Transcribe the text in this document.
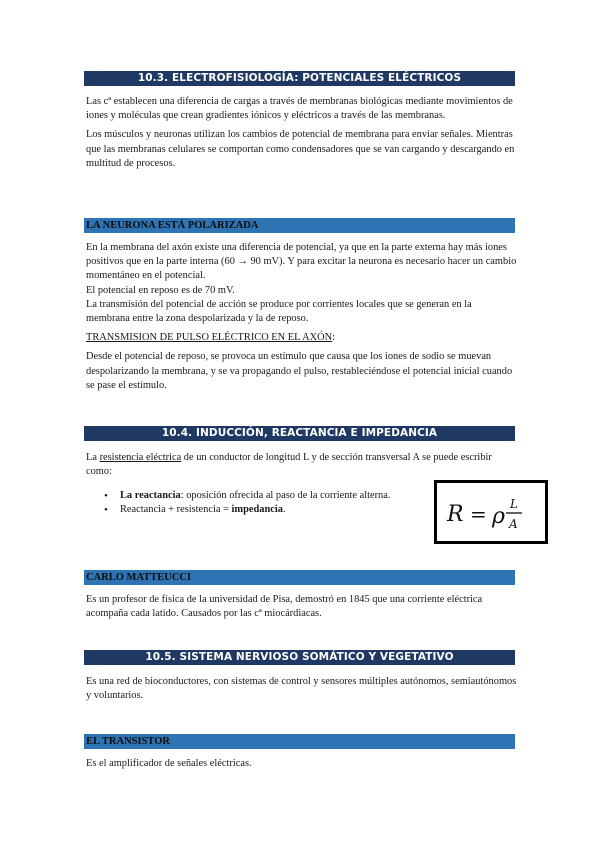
10.3. ELECTROFISIOLOGÍA: POTENCIALES ELÉCTRICOS

Las cª establecen una diferencia de cargas a través de membranas biológicas mediante movimientos de iones y moléculas que crean gradientes iónicos y eléctricos a través de las membranas.

Los músculos y neuronas utilizan los cambios de potencial de membrana para enviar señales. Mientras que las membranas celulares se comportan como condensadores que se van cargando y descargando en multitud de procesos.

LA NEURONA ESTÁ POLARIZADA

En la membrana del axón existe una diferencia de potencial, ya que en la parte externa hay más iones positivos que en la parte interna (60 → 90 mV). Y para excitar la neurona es necesario hacer un cambio momentáneo en el potencial.

El potencial en reposo es de 70 mV.

La transmisión del potencial de acción se produce por corrientes locales que se generan en la membrana entre la zona despolarizada y la de reposo.

TRANSMISION DE PULSO ELÉCTRICO EN EL AXÓN:

Desde el potencial de reposo, se provoca un estímulo que causa que los iones de sodio se muevan despolarizando la membrana, y se va propagando el pulso, restableciéndose el potencial inicial cuando se pase el estímulo.

10.4. INDUCCIÓN, REACTANCIA E IMPEDANCIA

La resistencia eléctrica de un conductor de longitud L y de sección transversal A se puede escribir como:

• La reactancia: oposición ofrecida al paso de la corriente alterna.
• Reactancia + resistencia = impedancia.	R = ρ L
A
CARLO MATTEUCCI

Es un profesor de física de la universidad de Pisa, demostró en 1845 que una corriente eléctrica acompaña cada latido. Causados por las cª miocárdiacas.

10.5. SISTEMA NERVIOSO SOMÁTICO Y VEGETATIVO

Es una red de bioconductores, con sistemas de control y sensores múltiples autónomos, semiautónomos y voluntarios.

EL TRANSISTOR

Es el amplificador de señales eléctricas.
